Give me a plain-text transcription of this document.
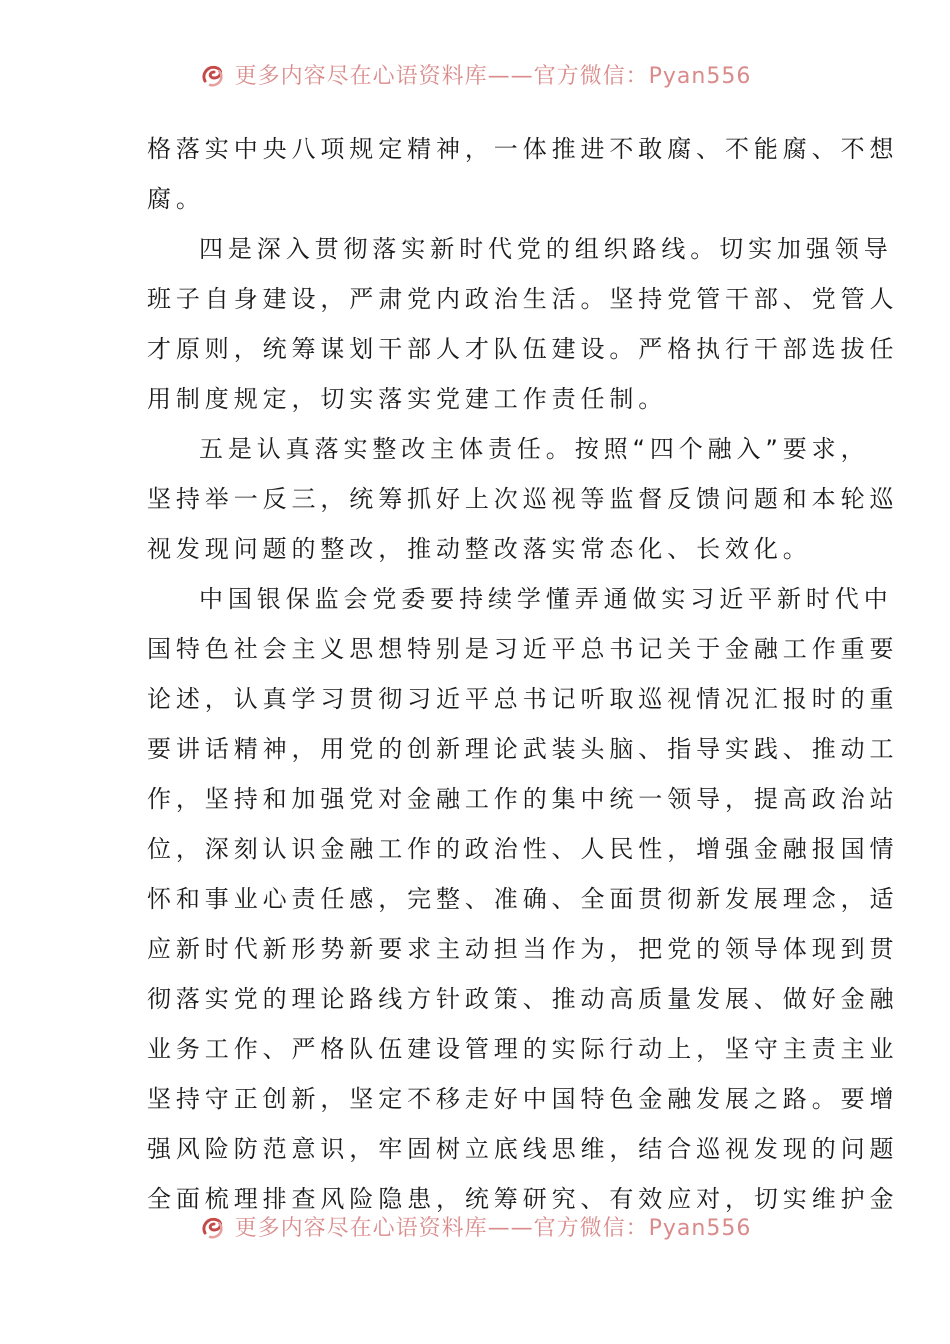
更多内容尽在心语资料库——官方微信：Pyan556
格落实中央八项规定精神，一体推进不敢腐、不能腐、不想
腐。
四是深入贯彻落实新时代党的组织路线。切实加强领导
班子自身建设，严肃党内政治生活。坚持党管干部、党管人
才原则，统筹谋划干部人才队伍建设。严格执行干部选拔任
用制度规定，切实落实党建工作责任制。
五是认真落实整改主体责任。按照“四个融入”要求，
坚持举一反三，统筹抓好上次巡视等监督反馈问题和本轮巡
视发现问题的整改，推动整改落实常态化、长效化。
中国银保监会党委要持续学懂弄通做实习近平新时代中
国特色社会主义思想特别是习近平总书记关于金融工作重要
论述，认真学习贯彻习近平总书记听取巡视情况汇报时的重
要讲话精神，用党的创新理论武装头脑、指导实践、推动工
作，坚持和加强党对金融工作的集中统一领导，提高政治站
位，深刻认识金融工作的政治性、人民性，增强金融报国情
怀和事业心责任感，完整、准确、全面贯彻新发展理念，适
应新时代新形势新要求主动担当作为，把党的领导体现到贯
彻落实党的理论路线方针政策、推动高质量发展、做好金融
业务工作、严格队伍建设管理的实际行动上，坚守主责主业
坚持守正创新，坚定不移走好中国特色金融发展之路。要增
强风险防范意识，牢固树立底线思维，结合巡视发现的问题
全面梳理排查风险隐患，统筹研究、有效应对，切实维护金
更多内容尽在心语资料库——官方微信：Pyan556
